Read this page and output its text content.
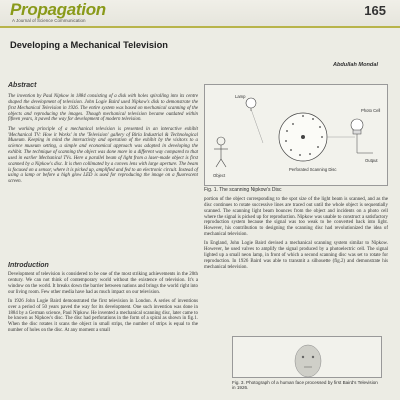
Propagation
A Journal of Science Communication
165
Developing a Mechanical Television
Abdullah Mondal
Abstract

The invention by Paul Nipkow in 1884 consisting of a disk with holes spiralling into its centre shaped the development of television. John Logie Baird used Nipkow's disk to demonstrate the first Mechanical Television in 1926. The entire system was based on mechanical scanning of the objects and reproducing the images. Though mechanical television became outdated within fifteen years, it paved the way for development of modern television.

The working principle of a mechanical television is presented in an interactive exhibit 'Mechanical TV: How it Works' in the 'Television' gallery of Birla Industrial & Technological Museum. Keeping in mind the interactivity and operation of the exhibit by the visitors to a science museum setting, a simple and economical approach was adopted in developing the exhibit. The technique of scanning the object was done more in a different way compared to that used in earlier Mechanical TVs. Here a parallel beam of light from a laser-made object is first scanned by a Nipkow's disc. It is then collimated by a convex lens with large aperture. The beam is focused on a sensor, where it is picked up, amplified and fed to an electronic circuit. Instead of using a lamp or before a high glow LED is used for reproducing the image on a fluorescent screen.

Introduction

Development of television is considered to be one of the most striking achievements in the 20th century. We can not think of contemporary world without the existence of television. It's a window on the world. It breaks down the barrier between nations and brings the world right into our living room. Few other media have had as much impact on our television.

In 1926 John Logie Baird demonstrated the first television in London. A series of inventions over a period of 50 years paved the way for its development. One such invention was done in 1884 by a German science, Paul Nipkow. He invented a mechanical scanning disc, later came to be known as Nipkow's disc. The disc had perforations in the form of a spiral as shown in fig.1. When the disc rotates it scans the object in small strips, the number of strips is equal to the number of holes on the disc. At any moment a small

Lamp
Object
Perforated Scanning Disc
Photo Cell
Output
Fig. 1. The scanning Nipkow's Disc

portion of the object corresponding to the spot size of the light beam is scanned, and as the disc continues to rotate successive lines are traced out until the whole object is sequentially scanned. The scanning light beam bounces from the object and incidents on a photo cell where the signal is picked up for reproduction. Nipkow was unable to construct a satisfactory reproduction system because the signal was too weak to be converted back into light. However, his contribution to designing the scanning disc had revolutionized the idea of mechanical television.

In England, John Logie Baird devised a mechanical scanning system similar to Nipkow. However, he used valves to amplify the signal produced by a photoelectric cell. The signal lighted up a small neon lamp, in front of which a second scanning disc was set to rotate for reproduction. In 1926 Baird was able to transmit a silhouette (fig.2) and demonstrate his mechanical television.

Fig. 3. Photograph of a human face processed by first Baird's Television in 1926.
